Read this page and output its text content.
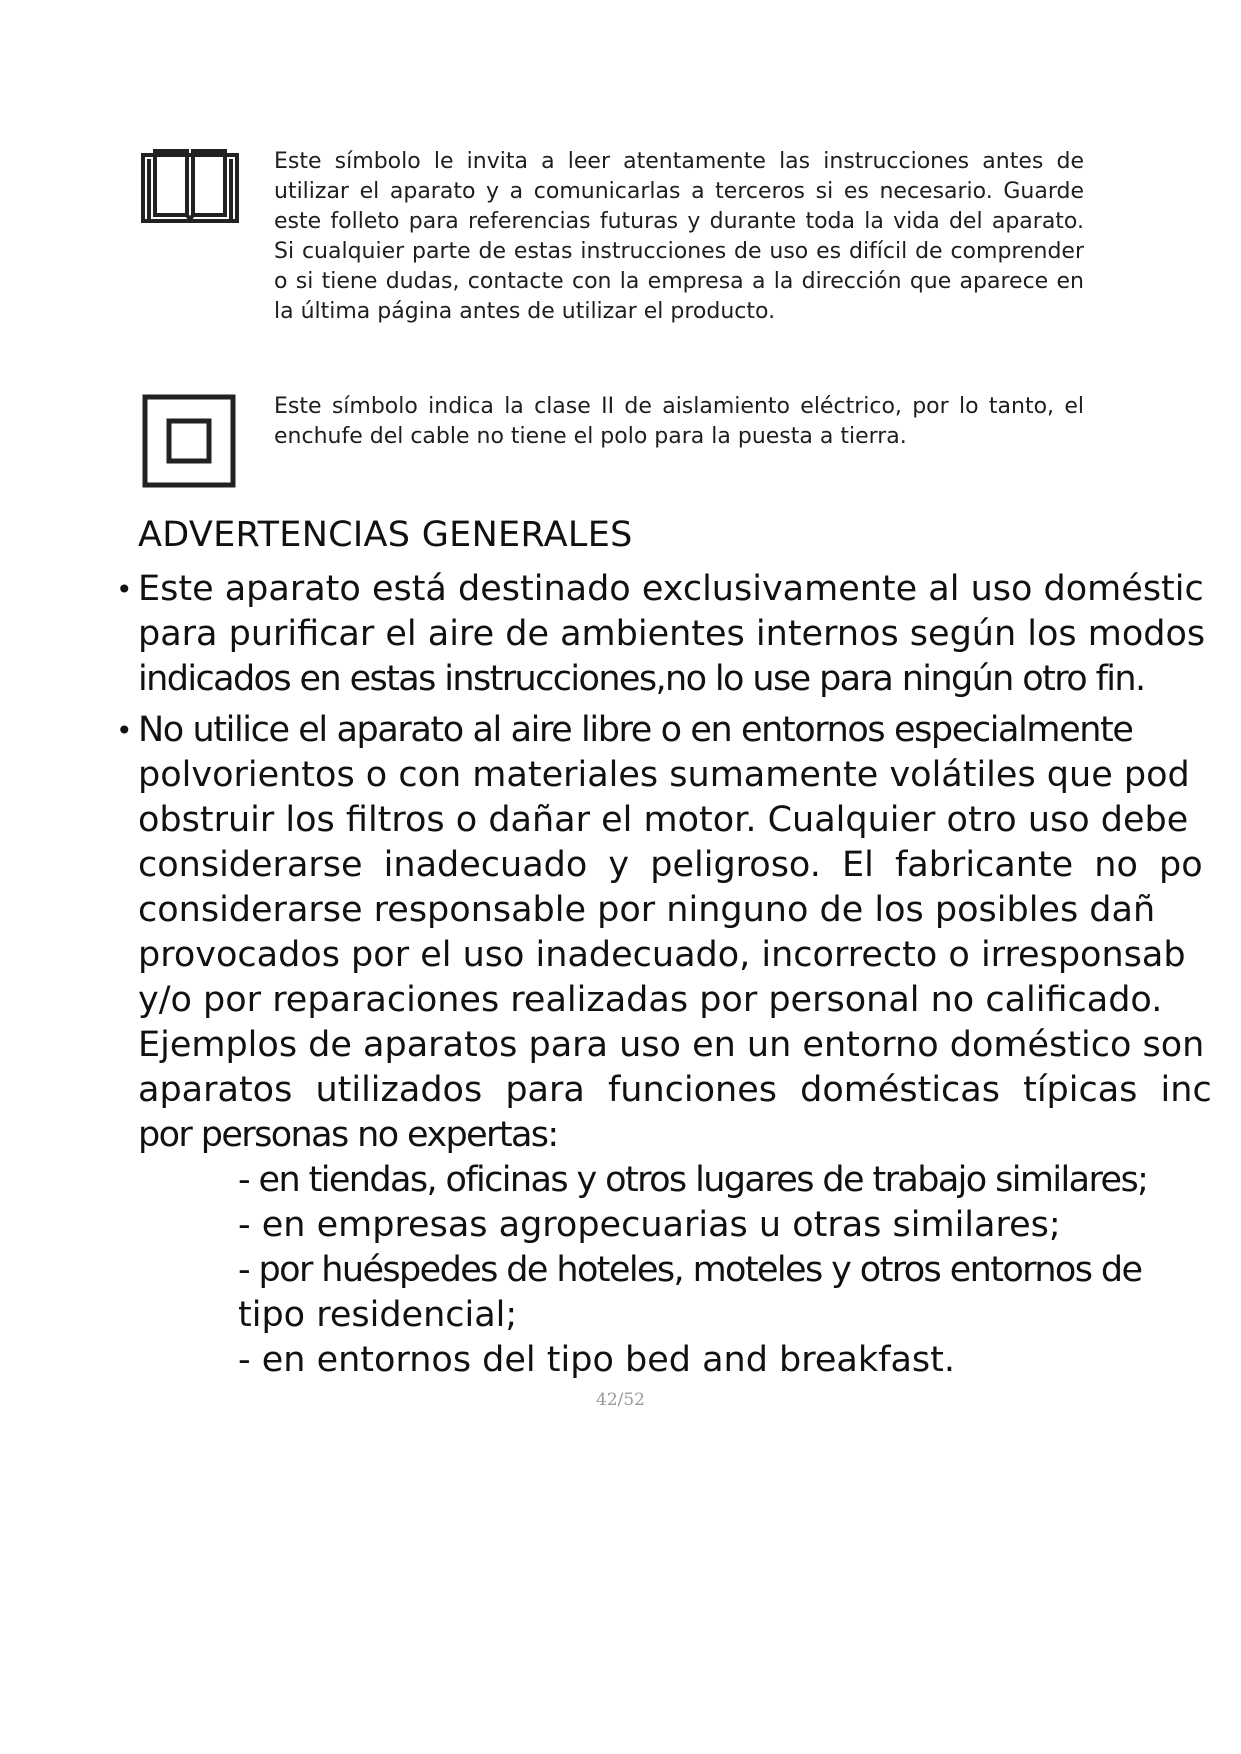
Este símbolo le invita a leer atentamente las instrucciones antes de utilizar el aparato y a comunicarlas a terceros si es necesario. Guarde este folleto para referencias futuras y durante toda la vida del aparato. Si cualquier parte de estas instrucciones de uso es difícil de comprender o si tiene dudas, contacte con la empresa a la dirección que aparece en la última página antes de utilizar el producto.
Este símbolo indica la clase II de aislamiento eléctrico, por lo tanto, el enchufe del cable no tiene el polo para la puesta a tierra.
ADVERTENCIAS GENERALES
• Este aparato está destinado exclusivamente al uso doméstic
para purificar el aire de ambientes internos según los modos
indicados en estas instrucciones,no lo use para ningún otro fin.
• No utilice el aparato al aire libre o en entornos especialmente
polvorientos o con materiales sumamente volátiles que pod
obstruir los filtros o dañar el motor. Cualquier otro uso debe
considerarse inadecuado y peligroso. El fabricante no po
considerarse responsable por ninguno de los posibles dañ
provocados por el uso inadecuado, incorrecto o irresponsab
y/o por reparaciones realizadas por personal no calificado.
Ejemplos de aparatos para uso en un entorno doméstico son
aparatos utilizados para funciones domésticas típicas inc
por personas no expertas:
- en tiendas, oficinas y otros lugares de trabajo similares;
- en empresas agropecuarias u otras similares;
- por huéspedes de hoteles, moteles y otros entornos de
tipo residencial;
- en entornos del tipo bed and breakfast.
42/52
